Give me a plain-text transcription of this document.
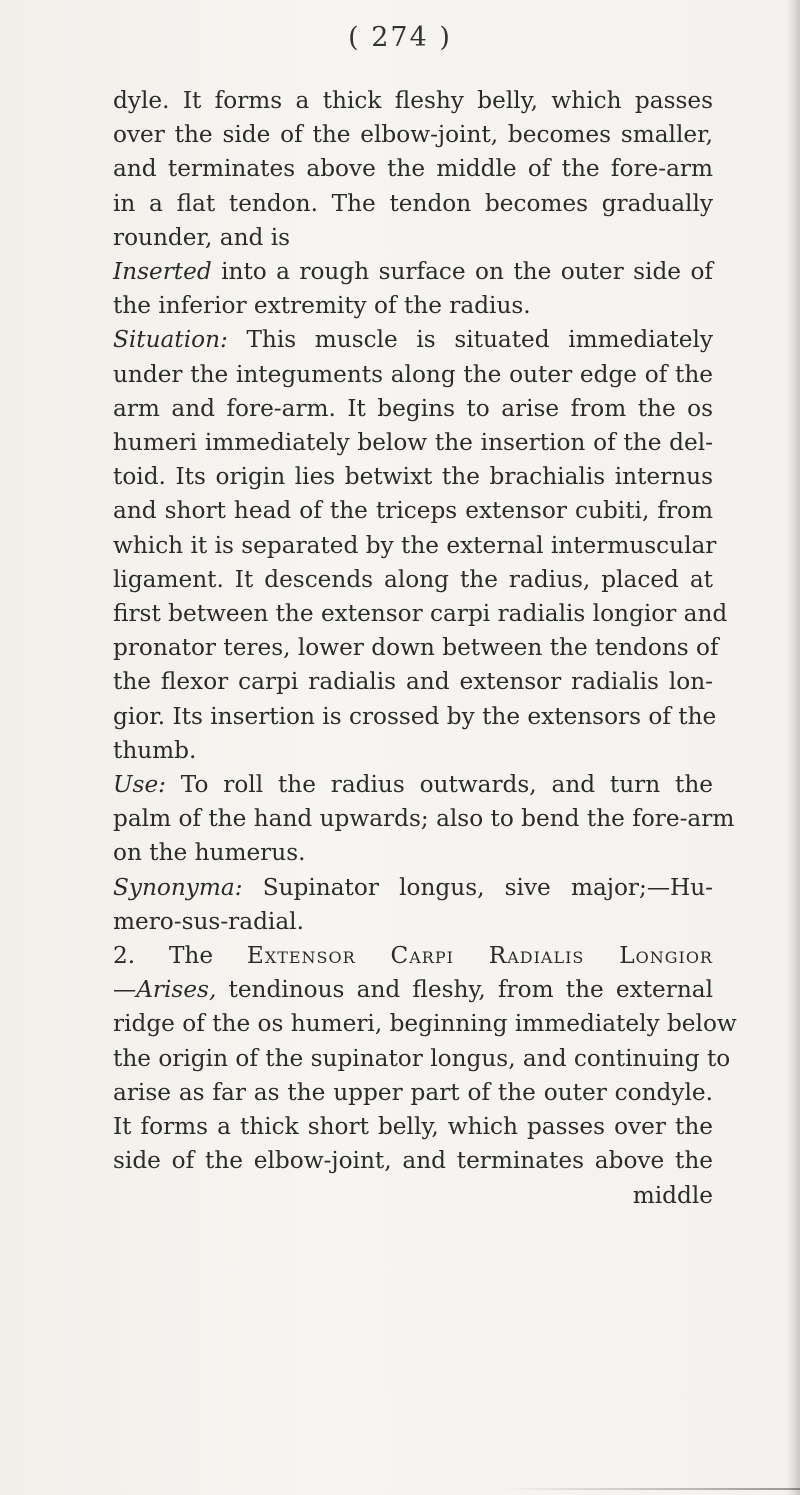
( 274 )
dyle. It forms a thick fleshy belly, which passes
over the side of the elbow-joint, becomes smaller,
and terminates above the middle of the fore-arm
in a flat tendon. The tendon becomes gradually
rounder, and is
Inserted into a rough surface on the outer side of
the inferior extremity of the radius.
Situation: This muscle is situated immediately
under the integuments along the outer edge of the
arm and fore-arm. It begins to arise from the os
humeri immediately below the insertion of the del-
toid. Its origin lies betwixt the brachialis internus
and short head of the triceps extensor cubiti, from
which it is separated by the external intermuscular
ligament. It descends along the radius, placed at
first between the extensor carpi radialis longior and
pronator teres, lower down between the tendons of
the flexor carpi radialis and extensor radialis lon-
gior. Its insertion is crossed by the extensors of the
thumb.
Use: To roll the radius outwards, and turn the
palm of the hand upwards; also to bend the fore-arm
on the humerus.
Synonyma: Supinator longus, sive major;—Hu-
mero-sus-radial.
2. The Extensor Carpi Radialis Longior
—Arises, tendinous and fleshy, from the external
ridge of the os humeri, beginning immediately below
the origin of the supinator longus, and continuing to
arise as far as the upper part of the outer condyle.
It forms a thick short belly, which passes over the
side of the elbow-joint, and terminates above the
middle
